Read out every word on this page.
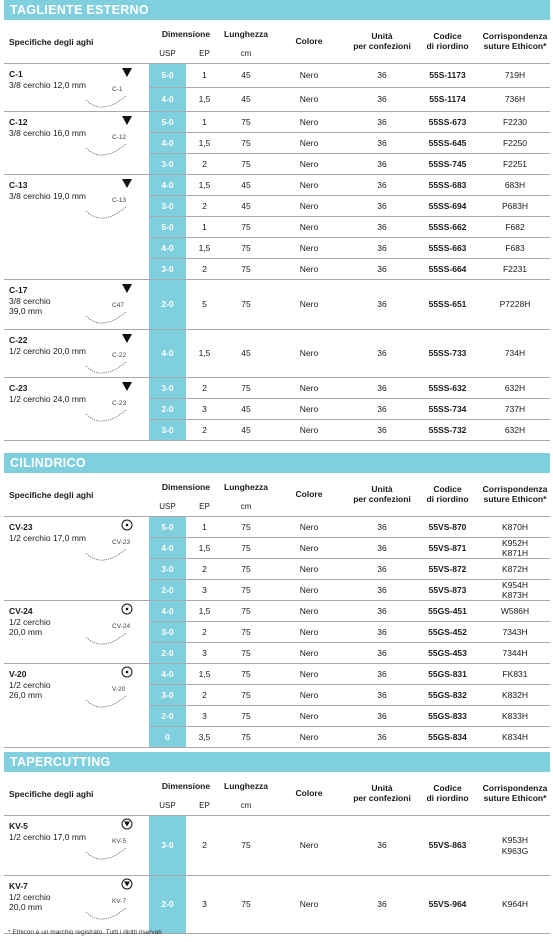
TAGLIENTE ESTERNO
Specifiche degli aghi
Dimensione
USP	EP
Lunghezza
cm
Colore	Unità
per confezioni
Codice
di riordino
Corrispondenza
suture Ethicon*
C-1
3/8 cerchio 12,0 mm	C-1
5-0	1	45	Nero	36	55S-1173	719H
4-0	1,5	45	Nero	36	55S-1174	736H
C-12
3/8 cerchio 16,0 mm	C-12
5-0	1	75	Nero	36	55SS-673	F2230
4-0	1,5	75	Nero	36	55SS-645	F2250
3-0	2	75	Nero	36	55SS-745	F2251
C-13
3/8 cerchio 19,0 mm	C-13
4-0	1,5	45	Nero	36	55SS-683	683H
3-0	2	45	Nero	36	55SS-694	P683H
5-0	1	75	Nero	36	55SS-662	F682
4-0	1,5	75	Nero	36	55SS-663	F683
3-0	2	75	Nero	36	55SS-664	F2231
C-17
3/8 cerchio
39,0 mm
C47	2-0	5	75	Nero	36	55SS-651	P7228H
C-22
1/2 cerchio 20,0 mm	C-22	4-0	1,5	45	Nero	36	55SS-733	734H
C-23
1/2 cerchio 24,0 mm	C-23
3-0	2	75	Nero	36	55SS-632	632H
2-0	3	45	Nero	36	55SS-734	737H
3-0	2	45	Nero	36	55SS-732	632H
CILINDRICO
Specifiche degli aghi
Dimensione
USP	EP
Lunghezza
cm
Colore	Unità
per confezioni
Codice
di riordino
Corrispondenza
suture Ethicon*
CV-23
1/2 cerchio 17,0 mm	CV-23
5-0	1	75	Nero	36	55VS-870	K870H
4-0	1,5	75	Nero	36	55VS-871
K952H
K871H
3-0	2	75	Nero	36	55VS-872	K872H
2-0	3	75	Nero	36	55VS-873
K954H
K873H
CV-24
1/2 cerchio
20,0 mm
CV-24
4-0	1,5	75	Nero	36	55GS-451	W586H
3-0	2	75	Nero	36	55GS-452	7343H
2-0	3	75	Nero	36	55GS-453	7344H
V-20
1/2 cerchio
26,0 mm
V-20
4-0	1,5	75	Nero	36	55GS-831	FK831
3-0	2	75	Nero	36	55GS-832	K832H
2-0	3	75	Nero	36	55GS-833	K833H
0	3,5	75	Nero	36	55GS-834	K834H
TAPERCUTTING
Specifiche degli aghi
Dimensione
USP	EP
Lunghezza
cm
Colore	Unità
per confezioni
Codice
di riordino
Corrispondenza
suture Ethicon*
KV-5
1/2 cerchio 17,0 mm	KV-5	3-0	2	75	Nero	36	55VS-863
K953H
K963G
KV-7
1/2 cerchio
20,0 mm
KV-7	2-0	3	75	Nero	36	55VS-964	K964H
* Ethicon è un marchio registrato. Tutti i diritti riservati.
